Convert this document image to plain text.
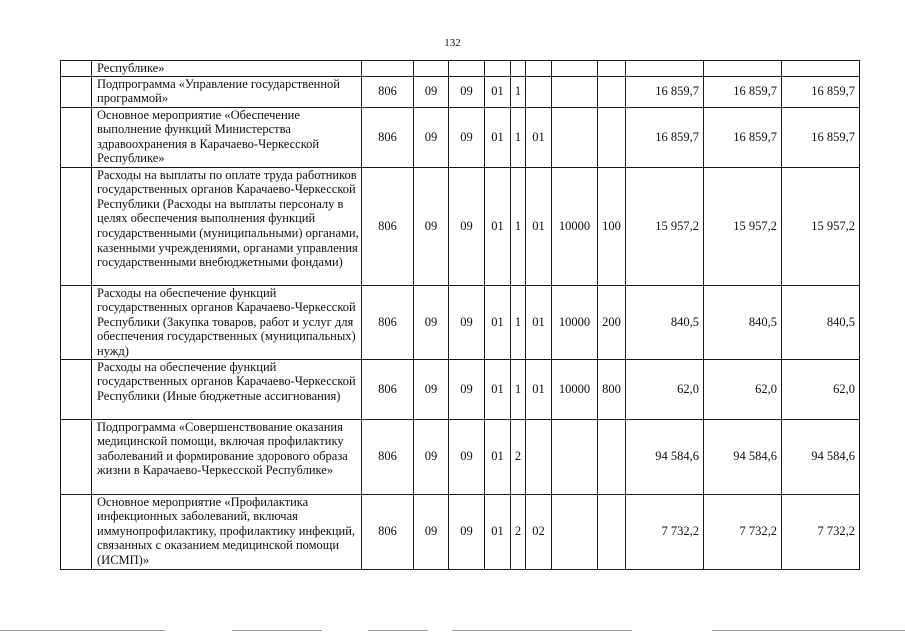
132
	Республике»											
	Подпрограмма «Управление государственной программой»	806	09	09	01	1				16 859,7	16 859,7	16 859,7
	Основное мероприятие «Обеспечение выполнение функций Министерства здравоохранения в Карачаево-Черкесской Республике»	806	09	09	01	1	01			16 859,7	16 859,7	16 859,7
	Расходы на выплаты по оплате труда работников государственных органов Карачаево-Черкесской Республики (Расходы на выплаты персоналу в целях обеспечения выполнения функций государственными (муниципальными) органами, казенными учреждениями, органами управления государственными внебюджетными фондами)	806	09	09	01	1	01	10000	100	15 957,2	15 957,2	15 957,2
	Расходы на обеспечение функций государственных органов Карачаево-Черкесской Республики (Закупка товаров, работ и услуг для обеспечения государственных (муниципальных) нужд)	806	09	09	01	1	01	10000	200	840,5	840,5	840,5
	Расходы на обеспечение функций государственных органов Карачаево-Черкесской Республики (Иные бюджетные ассигнования)	806	09	09	01	1	01	10000	800	62,0	62,0	62,0
	Подпрограмма «Совершенствование оказания медицинской помощи, включая профилактику заболеваний и формирование здорового образа жизни в Карачаево-Черкесской Республике»	806	09	09	01	2				94 584,6	94 584,6	94 584,6
	Основное мероприятие «Профилактика инфекционных заболеваний, включая иммунопрофилактику, профилактику инфекций, связанных с оказанием медицинской помощи (ИСМП)»	806	09	09	01	2	02			7 732,2	7 732,2	7 732,2
